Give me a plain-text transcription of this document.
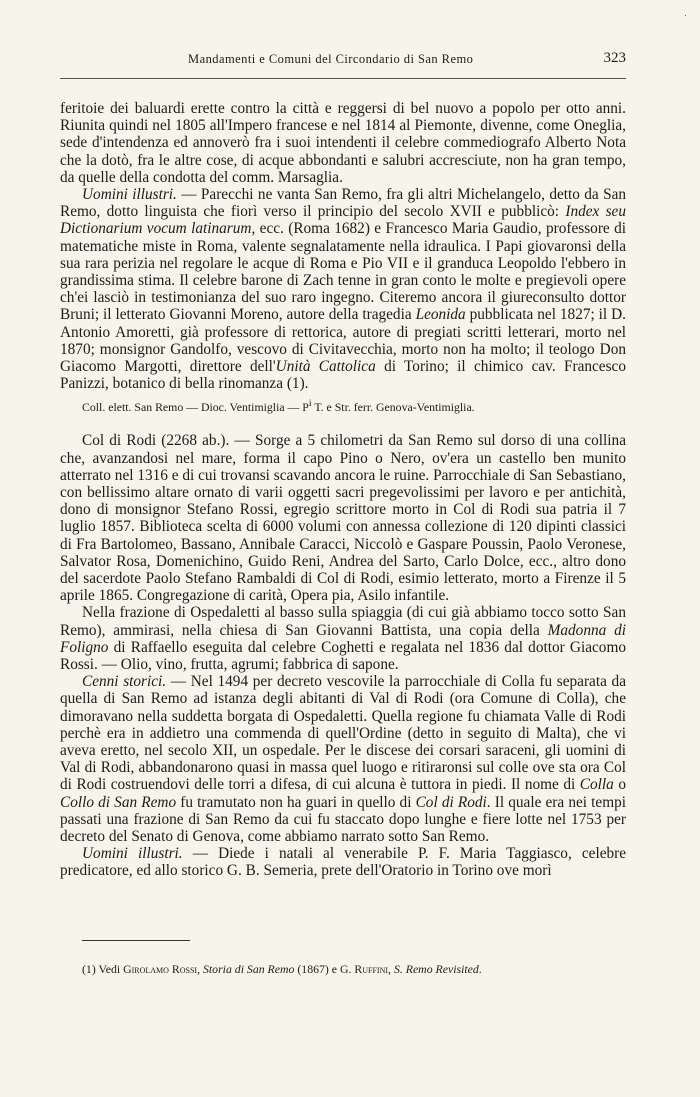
·
Mandamenti e Comuni del Circondario di San Remo	323

feritoie dei baluardi erette contro la città e reggersi di bel nuovo a popolo per otto anni. Riunita quindi nel 1805 all'Impero francese e nel 1814 al Piemonte, divenne, come Oneglia, sede d'intendenza ed annoverò fra i suoi intendenti il celebre commediografo Alberto Nota che la dotò, fra le altre cose, di acque abbondanti e salubri accresciute, non ha gran tempo, da quelle della condotta del comm. Marsaglia.

Uomini illustri. — Parecchi ne vanta San Remo, fra gli altri Michelangelo, detto da San Remo, dotto linguista che fiorì verso il principio del secolo XVII e pubblicò: Index seu Dictionarium vocum latinarum, ecc. (Roma 1682) e Francesco Maria Gaudio, professore di matematiche miste in Roma, valente segnalatamente nella idraulica. I Papi giovaronsi della sua rara perizia nel regolare le acque di Roma e Pio VII e il granduca Leopoldo l'ebbero in grandissima stima. Il celebre barone di Zach tenne in gran conto le molte e pregievoli opere ch'ei lasciò in testimonianza del suo raro ingegno. Citeremo ancora il giureconsulto dottor Bruni; il letterato Giovanni Moreno, autore della tragedia Leonida pubblicata nel 1827; il D. Antonio Amoretti, già professore di rettorica, autore di pregiati scritti letterari, morto nel 1870; monsignor Gandolfo, vescovo di Civitavecchia, morto non ha molto; il teologo Don Giacomo Margotti, direttore dell'Unità Cattolica di Torino; il chimico cav. Francesco Panizzi, botanico di bella rinomanza (1).

Coll. elett. San Remo — Dioc. Ventimiglia — $P^i$ T. e Str. ferr. Genova-Ventimiglia.

Col di Rodi (2268 ab.). — Sorge a 5 chilometri da San Remo sul dorso di una collina che, avanzandosi nel mare, forma il capo Pino o Nero, ov'era un castello ben munito atterrato nel 1316 e di cui trovansi scavando ancora le ruine. Parrocchiale di San Sebastiano, con bellissimo altare ornato di varii oggetti sacri pregevolissimi per lavoro e per antichità, dono di monsignor Stefano Rossi, egregio scrittore morto in Col di Rodi sua patria il 7 luglio 1857. Biblioteca scelta di 6000 volumi con annessa collezione di 120 dipinti classici di Fra Bartolomeo, Bassano, Annibale Caracci, Niccolò e Gaspare Poussin, Paolo Veronese, Salvator Rosa, Domenichino, Guido Reni, Andrea del Sarto, Carlo Dolce, ecc., altro dono del sacerdote Paolo Stefano Rambaldi di Col di Rodi, esimio letterato, morto a Firenze il 5 aprile 1865. Congregazione di carità, Opera pia, Asilo infantile.

Nella frazione di Ospedaletti al basso sulla spiaggia (di cui già abbiamo tocco sotto San Remo), ammirasi, nella chiesa di San Giovanni Battista, una copia della Madonna di Foligno di Raffaello eseguita dal celebre Coghetti e regalata nel 1836 dal dottor Giacomo Rossi. — Olio, vino, frutta, agrumi; fabbrica di sapone.

Cenni storici. — Nel 1494 per decreto vescovile la parrocchiale di Colla fu separata da quella di San Remo ad istanza degli abitanti di Val di Rodi (ora Comune di Colla), che dimoravano nella suddetta borgata di Ospedaletti. Quella regione fu chiamata Valle di Rodi perchè era in addietro una commenda di quell'Ordine (detto in seguito di Malta), che vi aveva eretto, nel secolo XII, un ospedale. Per le discese dei corsari saraceni, gli uomini di Val di Rodi, abbandonarono quasi in massa quel luogo e ritiraronsi sul colle ove sta ora Col di Rodi costruendovi delle torri a difesa, di cui alcuna è tuttora in piedi. Il nome di Colla o Collo di San Remo fu tramutato non ha guari in quello di Col di Rodi. Il quale era nei tempi passati una frazione di San Remo da cui fu staccato dopo lunghe e fiere lotte nel 1753 per decreto del Senato di Genova, come abbiamo narrato sotto San Remo.

Uomini illustri. — Diede i natali al venerabile P. F. Maria Taggiasco, celebre predicatore, ed allo storico G. B. Semeria, prete dell'Oratorio in Torino ove morì

(1) Vedi Girolamo Rossi, Storia di San Remo (1867) e G. Ruffini, S. Remo Revisited.
